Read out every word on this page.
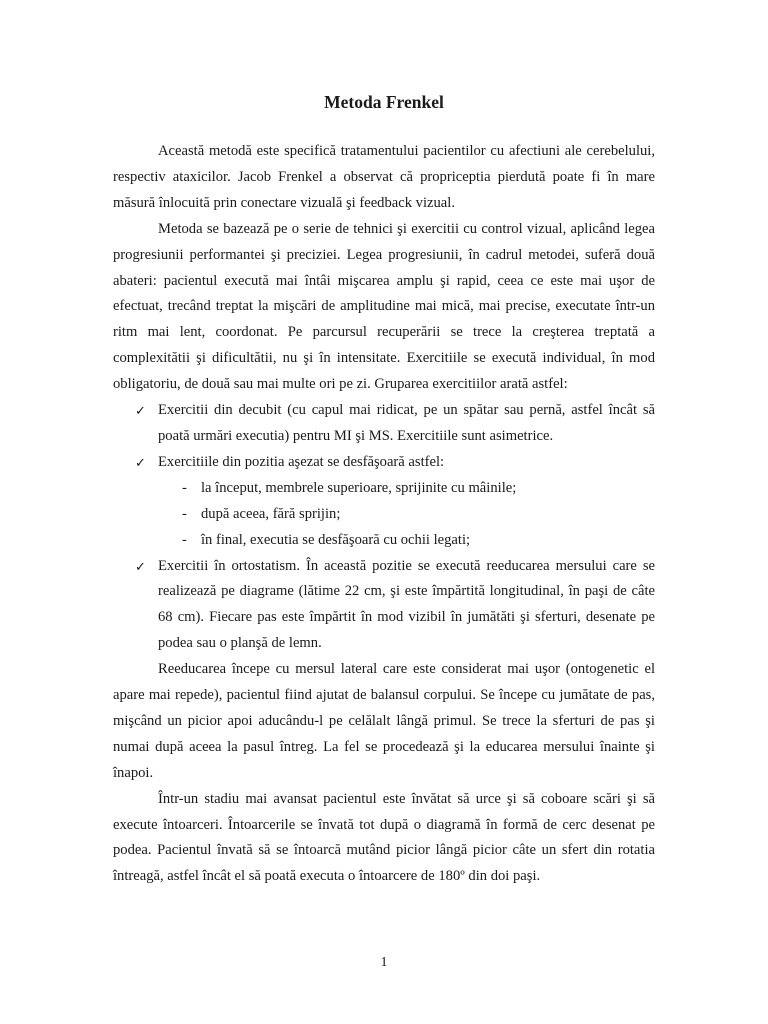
Metoda Frenkel

Această metodă este specifică tratamentului pacientilor cu afectiuni ale cerebelului, respectiv ataxicilor. Jacob Frenkel a observat că propriceptia pierdută poate fi în mare măsură înlocuită prin conectare vizuală şi feedback vizual.

Metoda se bazează pe o serie de tehnici şi exercitii cu control vizual, aplicând legea progresiunii performantei şi preciziei. Legea progresiunii, în cadrul metodei, suferă două abateri: pacientul execută mai întâi mişcarea amplu şi rapid, ceea ce este mai uşor de efectuat, trecând treptat la mişcări de amplitudine mai mică, mai precise, executate într-un ritm mai lent, coordonat. Pe parcursul recuperării se trece la creşterea treptată a complexitătii şi dificultătii, nu şi în intensitate. Exercitiile se execută individual, în mod obligatoriu, de două sau mai multe ori pe zi. Gruparea exercitiilor arată astfel:

✓ Exercitii din decubit (cu capul mai ridicat, pe un spătar sau pernă, astfel încât să poată urmări executia) pentru MI şi MS. Exercitiile sunt asimetrice.
✓ Exercitiile din pozitia aşezat se desfăşoară astfel:
- la început, membrele superioare, sprijinite cu mâinile;
- după aceea, fără sprijin;
- în final, executia se desfăşoară cu ochii legati;
✓ Exercitii în ortostatism. În această pozitie se execută reeducarea mersului care se realizează pe diagrame (lătime 22 cm, şi este împărtită longitudinal, în paşi de câte 68 cm). Fiecare pas este împărtit în mod vizibil în jumătăti şi sferturi, desenate pe podea sau o planşă de lemn.

Reeducarea începe cu mersul lateral care este considerat mai uşor (ontogenetic el apare mai repede), pacientul fiind ajutat de balansul corpului. Se începe cu jumătate de pas, mişcând un picior apoi aducându-l pe celălalt lângă primul. Se trece la sferturi de pas şi numai după aceea la pasul întreg. La fel se procedează şi la educarea mersului înainte şi înapoi.

Într-un stadiu mai avansat pacientul este învătat să urce şi să coboare scări şi să execute întoarceri. Întoarcerile se învată tot după o diagramă în formă de cerc desenat pe podea. Pacientul învată să se întoarcă mutând picior lângă picior câte un sfert din rotatia întreagă, astfel încât el să poată executa o întoarcere de 180º din doi paşi.

1
